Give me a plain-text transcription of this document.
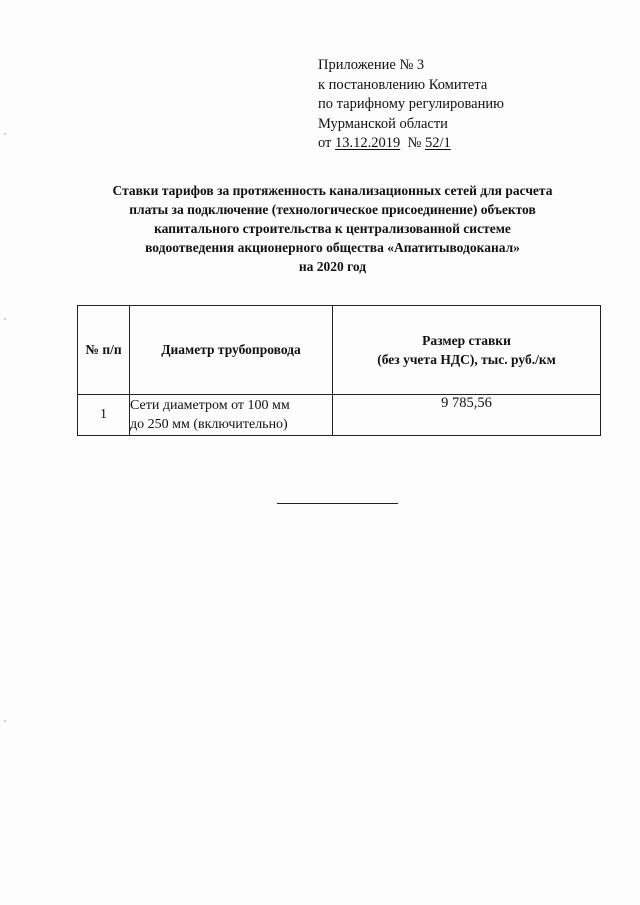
Приложение № 3
к постановлению Комитета
по тарифному регулированию
Мурманской области
от 13.12.2019  № 52/1
Ставки тарифов за протяженность канализационных сетей для расчета
платы за подключение (технологическое присоединение) объектов
капитального строительства к централизованной системе
водоотведения акционерного общества «Апатитыводоканал»
на 2020 год
№ п/п	Диаметр трубопровода	Размер ставки
(без учета НДС), тыс. руб./км
1	Сети диаметром от 100 мм
до 250 мм (включительно)	9 785,56
